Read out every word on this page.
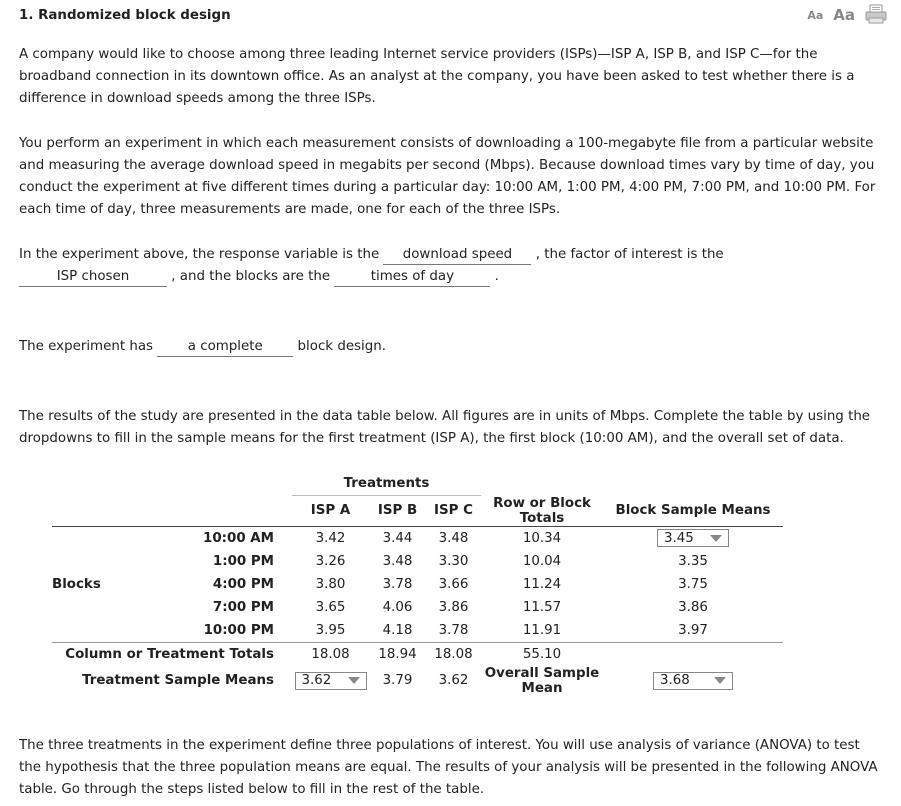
1. Randomized block design	Aa Aa
A company would like to choose among three leading Internet service providers (ISPs)—ISP A, ISP B, and ISP C—for the broadband connection in its downtown office. As an analyst at the company, you have been asked to test whether there is a difference in download speeds among the three ISPs.
You perform an experiment in which each measurement consists of downloading a 100-megabyte file from a particular website and measuring the average download speed in megabits per second (Mbps). Because download times vary by time of day, you conduct the experiment at five different times during a particular day: 10:00 AM, 1:00 PM, 4:00 PM, 7:00 PM, and 10:00 PM. For each time of day, three measurements are made, one for each of the three ISPs.
In the experiment above, the response variable is the download speed , the factor of interest is the
ISP chosen	, and the blocks are the	times of day	.
The experiment has	a complete	block design.
The results of the study are presented in the data table below. All figures are in units of Mbps. Complete the table by using the dropdowns to fill in the sample means for the first treatment (ISP A), the first block (10:00 AM), and the overall set of data.
			Treatments				
			ISP A	ISP B	ISP C	Row or Block Totals	Block Sample Means
	10:00 AM		3.42	3.44	3.48	10.34	3.45

	1:00 PM		3.26	3.48	3.30	10.04	3.35
Blocks	4:00 PM		3.80	3.78	3.66	11.24	3.75
	7:00 PM		3.65	4.06	3.86	11.57	3.86
	10:00 PM		3.95	4.18	3.78	11.91	3.97
Column or Treatment Totals			18.08	18.94	18.08	55.10	
Treatment Sample Means			3.62	3.79	3.62	Overall Sample Mean	3.68
The three treatments in the experiment define three populations of interest. You will use analysis of variance (ANOVA) to test the hypothesis that the three population means are equal. The results of your analysis will be presented in the following ANOVA table. Go through the steps listed below to fill in the rest of the table.
